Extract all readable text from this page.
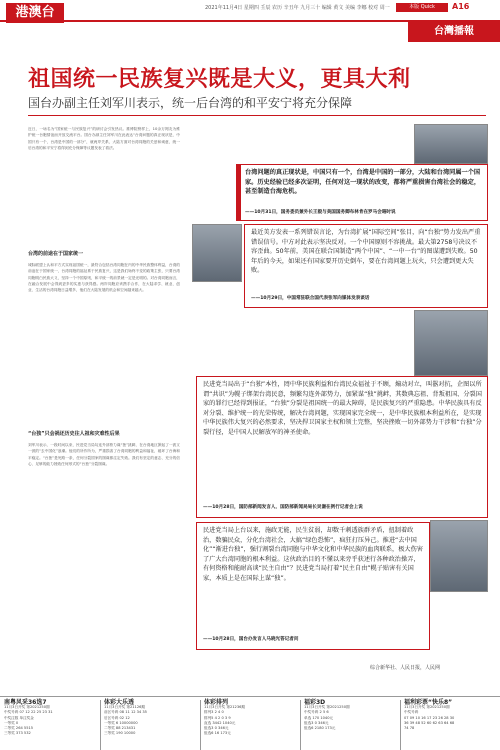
港澳台	2021年11月4日 星期四 壬辰 农历 辛丑年 九月三十 编辑 黄文 美编 李娜 校对 周一	本版 Quick	A16
台灣播報
祖国统一民族复兴既是大义，更具大利
国台办副主任刘军川表示，统一后台湾的和平安宁将充分保障
近日，一场名为“国家统一与民族复兴”的研讨会引发热议。推博院榜样上，10余万网友为维护统一台胞情谊而开放交流平台。国台办副主任刘军川在此表达“台湾问题的真正现状是，中国只有一个，台湾是中国的一部分”，就两岸关系，大陆方面对台湾同胞的关爱和诚意，统一后台湾的和平安宁将得到充分保障等议题发表了看法。
台湾的前途在于国家统一
城际联盟上认和平方式实现祖国统一，最符合包括台湾同胞在内的中华民族整体利益，台湾的前途在于国家统一，台湾同胞的福祉系于民族复兴，这是我们始终不变的政策主张，只要台湾同胞明白民族大义，坚持一个中国原则，和平统一的前景就一定是光明的。对台湾同胞而言，在融合发展中会得到更多的实惠与获得感。两岸同胞应该携手合作，在大陆求学、就业、创业、生活的台湾同胞日益增多，他们在大陆发展的机会和空间越来越大。
“台独”只会祸还历史往人祖和灾难性后果
刘军川表示，一段时间以来，民进党当局勾连外部势力谋“独”挑衅，在台湾地区掀起了一波又一波的“去中国化”浪潮。他们的所作所为，严重损害了台湾同胞的利益和福祉，破坏了台海和平稳定。“台独”是死路一条，任何分裂国家的图谋都注定失败。我们有坚定的意志、充分的信心、足够的能力挫败任何形式的“台独”分裂图谋。
台湾问题的真正现状是，中国只有一个，台湾是中国的一部分，大陆和台湾同属一个国家。历史经验已经多次证明，任何对这一现状的改变，都将严重损害台湾社会的稳定，甚至制造台海危机。
——10月31日，国务委员兼外长王毅与美国国务卿布林肯在罗马会晤时说
最近美方发表一系列错误言论，为台湾扩展“国际空间”张目，向“台独”势力发出严重错误信号。中方对此表示坚决反对。一个中国原则不容挑战。最大第2758号决议不容歪曲。50年前，美国在联合国制造“两个中国”、“一中一台”的图谋遭到失败。50年后的今天，如果还有国家要开历史倒车，要在台湾问题上玩火，只会遭到更大失败。
——10月29日，中国常驻联合国代表张军向媒体发表谈话
民进党当局出于“台独”本性，罔中华民族利益和台湾民众福祉于不顾，煽动对立，叫嚣对抗，企图以所谓“共识”为幌子绑架台湾民意，频繁勾连外部势力，加紧谋“独”挑衅，其数典忘祖、背叛祖国、分裂国家的罪行已经得到报证，“台独”分裂是祖国统一的最大障碍，是民族复兴的严重隐患。中华民族具有反对分裂、维护统一的光荣传统，解决台湾问题，实现国家完全统一，是中华民族根本利益所在，是实现中华民族伟大复兴的必然要求，坚决捍卫国家主权和领土完整，坚决挫败一切外部势力干涉和“台独”分裂行径，是中国人民解放军的神圣使命。
——10月28日，国防部新闻发言人、国防部新闻局局长吴谦在例行记者会上说
民进党当局上台以来，施政无能，民生贫弱，却数千刺透族群矛盾，扭制着政治，数骗民众，分化台湾社会，大搞“绿色恐怖”，疯狂打压异己。推进“去中国化”“渐进台独”，强行割裂台湾同胞与中华文化和中华民族的血肉联系，极大伤害了广大台湾同胞的根本利益。这伙政治目的不懂以来旁乎获述行各种政治操弄，有何资格和能耐高谈“民主自由”？民进党当局打着“民主自由”幌子贴害有关国家，本质上是在国际上谋“独”。
——10月28日，国台办发言人马晓光答记者问
综合新华社、人民日报，人民网
南粤风采36选7
11月3日开奖 第2021250期
中奖号码 07 12 22 25 23 31
中奖注数 单注奖金
一等奖 0
二等奖 264 5515
三等奖 373 532
体彩大乐透
11月3日开奖 第21126期
前区号码 08 11 12 34 35
后区号码 02 12
一等奖 6 10000000
二等奖 88 213431
三等奖 190 10000
体彩排列
11月3日开奖 第21236期
排列3 2 4 0
排列5 4 2 0 3 9
直选 3442 1040元
组选3 0 346元
组选6 16 173元
福彩3D
11月3日开奖 第2021250期
中奖号码 2 5 6
单选 170 1040元
组选3 0 346元
组选6 2180 173元
福利彩票“快乐8”
11月3日开奖 第2021250期
中奖号码
07 09 10 16 17 23 26 28 30
36 39 48 52 60 62 63 64 68
74 78
